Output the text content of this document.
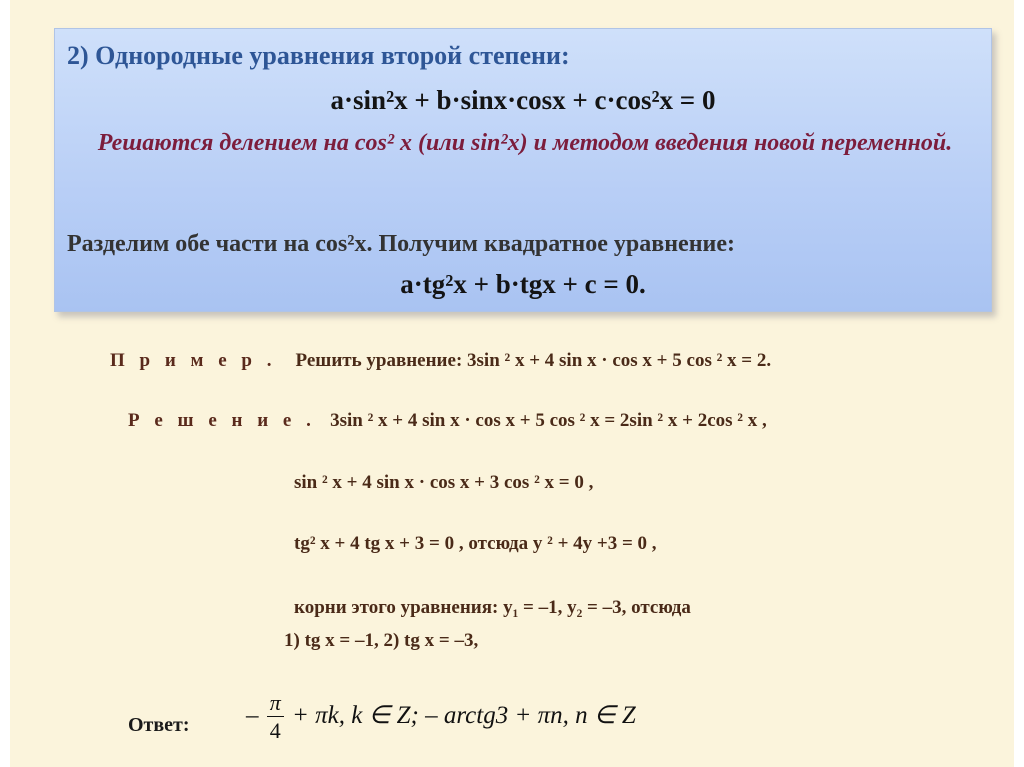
2) Однородные уравнения второй степени:
a·sin²x + b·sinx·cosx + c·cos²x = 0
Решаются делением на cos² x (или sin²x) и методом введения новой переменной.
Разделим обе части на cos²x. Получим квадратное уравнение:
a·tg²x + b·tgx + c = 0.
П р и м е р . Решить уравнение: 3sin ² x + 4 sin x · cos x + 5 cos ² x = 2.
Р е ш е н и е . 3sin ² x + 4 sin x · cos x + 5 cos ² x = 2sin ² x + 2cos ² x ,
sin ² x + 4 sin x · cos x + 3 cos ² x = 0 ,
tg² x + 4 tg x + 3 = 0 , отсюда y ² + 4y +3 = 0 ,
корни этого уравнения: y₁ = –1, y₂ = –3, отсюда
1) tg x = –1, 2) tg x = –3,
Ответ: – $\frac{\pi}{4} + \pi k$, k ∈ Z; – arctg3 + πn, n ∈ Z
